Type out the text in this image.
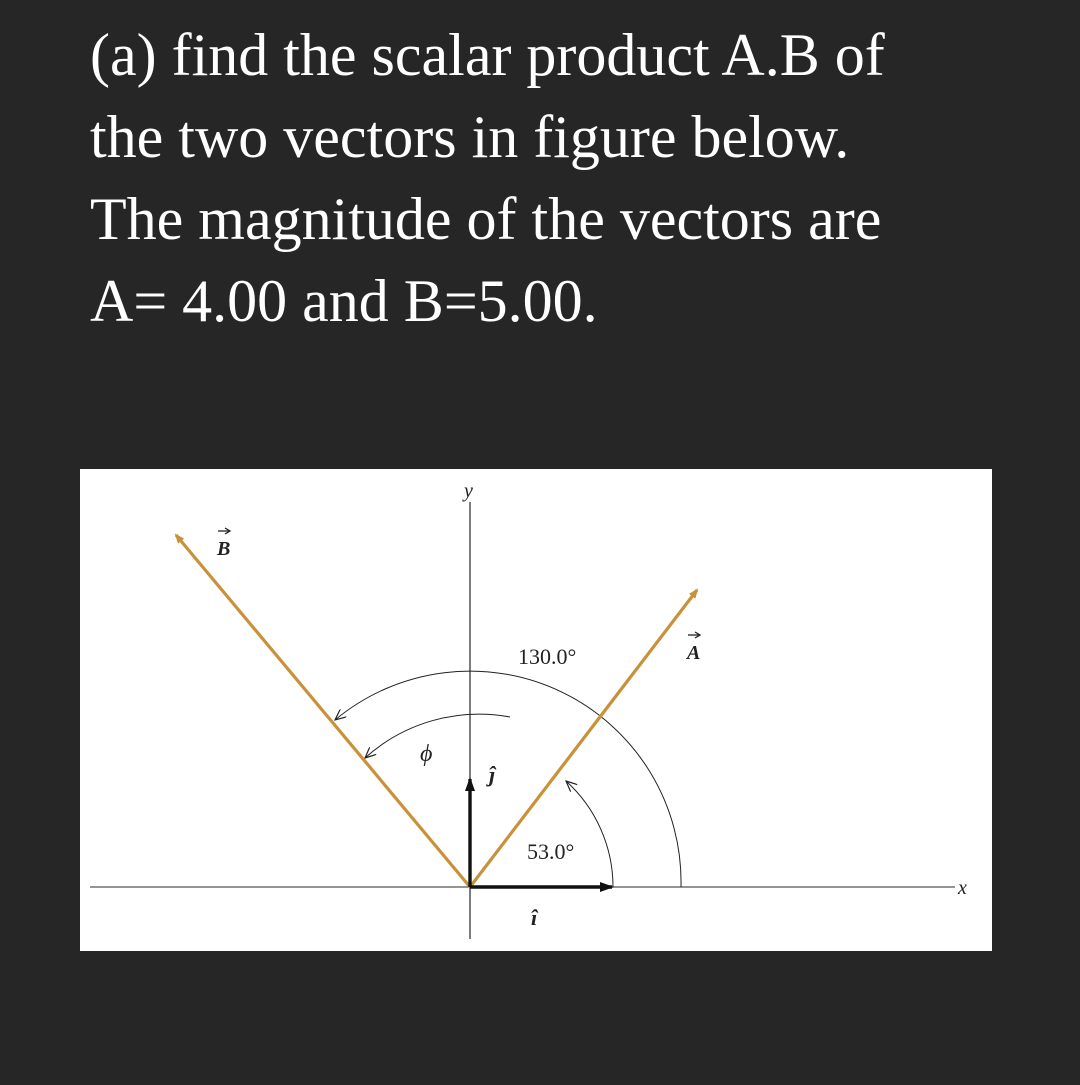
(a) find the scalar product A.B of
the two vectors in figure below.
The magnitude of the vectors are
A= 4.00 and B=5.00.
y
x
A
B
130.0°
53.0°
ϕ
ĵ
î
